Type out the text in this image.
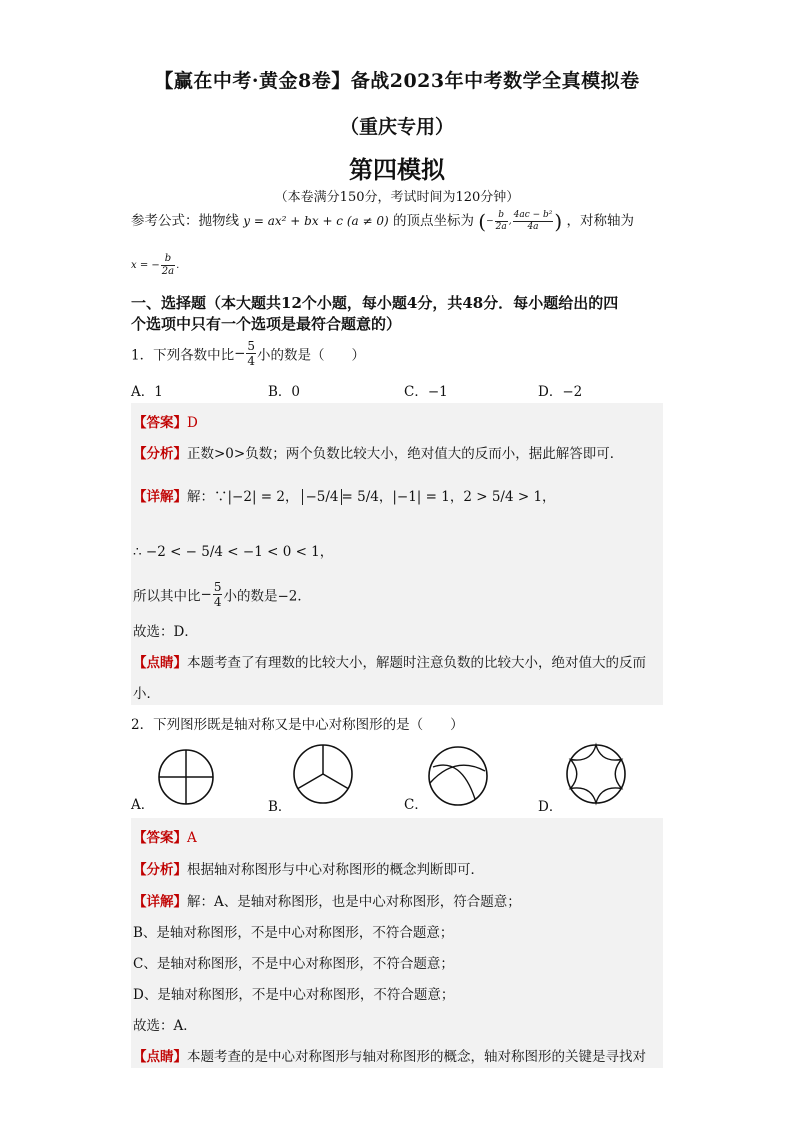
【赢在中考·黄金8卷】备战2023年中考数学全真模拟卷
（重庆专用）
第四模拟
（本卷满分150分，考试时间为120分钟）
参考公式：抛物线 y = ax² + bx + c (a ≠ 0) 的顶点坐标为 (− $\frac{b}{2a}$ , $\frac{\text{4ac − b²}}{4a}$ ) ，对称轴为
x = − $\frac{b}{2a}$ .
一、选择题（本大题共12个小题，每小题4分，共48分．每小题给出的四
个选项中只有一个选项是最符合题意的）
1．下列各数中比− $\frac{5}{4}$ 小的数是（　　）
A．1	B．0	C．−1	D．−2
【答案】D
【分析】正数>0>负数；两个负数比较大小，绝对值大的反而小，据此解答即可．
【详解】解：∵|−2| = 2， −5/4 = 5/4，|−1| = 1，2 > 5/4 > 1，
∴ −2 < − 5/4 < −1 < 0 < 1，
所以其中比− $\frac{5}{4}$ 小的数是−2．
故选：D．
【点睛】本题考查了有理数的比较大小，解题时注意负数的比较大小，绝对值大的反而
小．
2．下列图形既是轴对称又是中心对称图形的是（　　）
A．	B．	C．	D．
【答案】A
【分析】根据轴对称图形与中心对称图形的概念判断即可．
【详解】解：A、是轴对称图形，也是中心对称图形，符合题意；
B、是轴对称图形，不是中心对称图形，不符合题意；
C、是轴对称图形，不是中心对称图形，不符合题意；
D、是轴对称图形，不是中心对称图形，不符合题意；
故选：A．
【点睛】本题考查的是中心对称图形与轴对称图形的概念，轴对称图形的关键是寻找对
